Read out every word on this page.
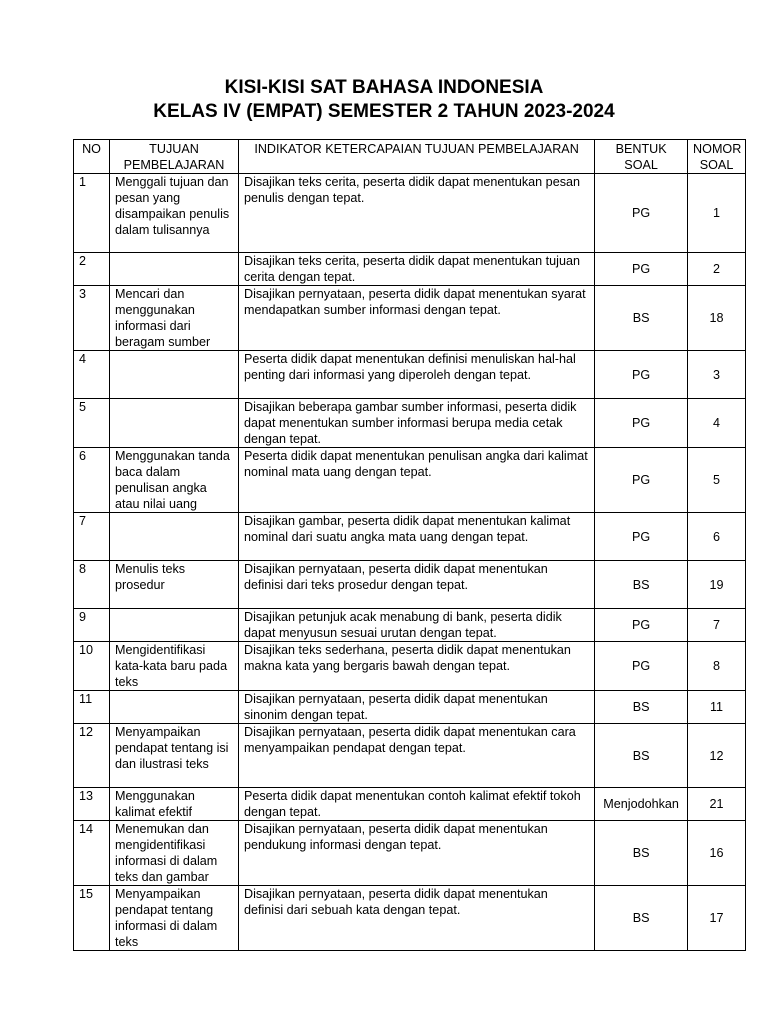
KISI-KISI SAT BAHASA INDONESIA
KELAS IV (EMPAT) SEMESTER 2 TAHUN 2023-2024
NO	TUJUAN PEMBELAJARAN	INDIKATOR KETERCAPAIAN TUJUAN PEMBELAJARAN	BENTUK SOAL	NOMOR SOAL
1	Menggali tujuan dan pesan yang disampaikan penulis dalam tulisannya	Disajikan teks cerita, peserta didik dapat menentukan pesan penulis dengan tepat.	PG	1
2		Disajikan teks cerita, peserta didik dapat menentukan tujuan cerita dengan tepat.	PG	2
3	Mencari dan menggunakan informasi dari beragam sumber	Disajikan pernyataan, peserta didik dapat menentukan syarat mendapatkan sumber informasi dengan tepat.	BS	18
4		Peserta didik dapat menentukan definisi menuliskan hal-hal penting dari informasi yang diperoleh dengan tepat.	PG	3
5		Disajikan beberapa gambar sumber informasi, peserta didik dapat menentukan sumber informasi berupa media cetak dengan tepat.	PG	4
6	Menggunakan tanda baca dalam penulisan angka atau nilai uang	Peserta didik dapat menentukan penulisan angka dari kalimat nominal mata uang dengan tepat.	PG	5
7		Disajikan gambar, peserta didik dapat menentukan kalimat nominal dari suatu angka mata uang dengan tepat.	PG	6
8	Menulis teks prosedur	Disajikan pernyataan, peserta didik dapat menentukan definisi dari teks prosedur dengan tepat.	BS	19
9		Disajikan petunjuk acak menabung di bank, peserta didik dapat menyusun sesuai urutan dengan tepat.	PG	7
10	Mengidentifikasi kata-kata baru pada teks	Disajikan teks sederhana, peserta didik dapat menentukan makna kata yang bergaris bawah dengan tepat.	PG	8
11		Disajikan pernyataan, peserta didik dapat menentukan sinonim dengan tepat.	BS	11
12	Menyampaikan pendapat tentang isi dan ilustrasi teks	Disajikan pernyataan, peserta didik dapat menentukan cara menyampaikan pendapat dengan tepat.	BS	12
13	Menggunakan kalimat efektif	Peserta didik dapat menentukan contoh kalimat efektif tokoh dengan tepat.	Menjodohkan	21
14	Menemukan dan mengidentifikasi informasi di dalam teks dan gambar	Disajikan pernyataan, peserta didik dapat menentukan pendukung informasi dengan tepat.	BS	16
15	Menyampaikan pendapat tentang informasi di dalam teks	Disajikan pernyataan, peserta didik dapat menentukan definisi dari sebuah kata dengan tepat.	BS	17
